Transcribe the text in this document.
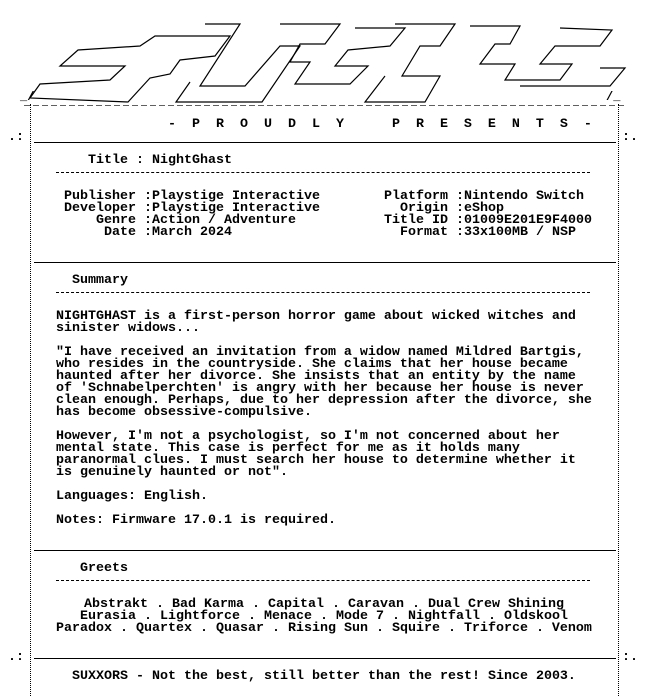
_/	/_
.:	:.
.:	:.
-  P  R  O  U  D  L  Y      P  R  E  S  E  N  T  S  -
Title : NightGhast
Publisher : Playstige Interactive
Developer : Playstige Interactive
Genre : Action / Adventure
Date : March 2024
Platform : Nintendo Switch
Origin : eShop
Title ID : 01009E201E9F4000
Format : 33x100MB / NSP
Summary
NIGHTGHAST is a first-person horror game about wicked witches and
sinister widows...
"I have received an invitation from a widow named Mildred Bartgis,
who resides in the countryside. She claims that her house became
haunted after her divorce. She insists that an entity by the name
of 'Schnabelperchten' is angry with her because her house is never
clean enough. Perhaps, due to her depression after the divorce, she
has become obsessive-compulsive.
However, I'm not a psychologist, so I'm not concerned about her
mental state. This case is perfect for me as it holds many
paranormal clues. I must search her house to determine whether it
is genuinely haunted or not".
Languages: English.
Notes: Firmware 17.0.1 is required.
Greets
Abstrakt . Bad Karma . Capital . Caravan . Dual Crew Shining
Eurasia . Lightforce . Menace . Mode 7 . Nightfall . Oldskool
Paradox . Quartex . Quasar . Rising Sun . Squire . Triforce . Venom
SUXXORS - Not the best, still better than the rest! Since 2003.
